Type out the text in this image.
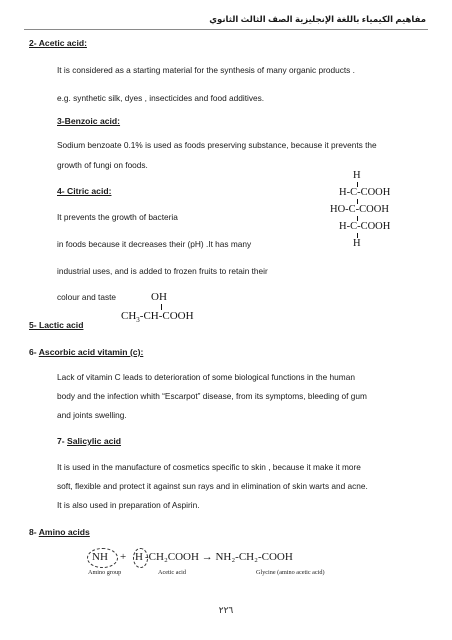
مفاهيم الكيمياء باللغة الإنجليزية الصف الثالث الثانوي
2- Acetic acid:
It is considered as a starting material for the synthesis of many organic products .
e.g. synthetic silk, dyes , insecticides and food additives.
3-Benzoic acid:
Sodium benzoate 0.1% is used as foods preserving substance, because it prevents the
growth of fungi on foods.
4- Citric acid:
It prevents the growth of bacteria
in foods because it decreases their (pH) .It has many
industrial uses, and is added to frozen fruits to retain their
colour and taste
H
H-C-COOH
HO-C-COOH
H-C-COOH
H
5- Lactic acid
OH
$CH_3-CH$-COOH
6- Ascorbic acid vitamin (c):
Lack of vitamin C leads to deterioration of some biological functions in the human
body and the infection whith “Escarpot” disease, from its symptoms, bleeding of gum
and joints swelling.
7- Salicylic acid
It is used in the manufacture of cosmetics specific to skin , because it make it more
soft, flexible and protect it against sun rays and in elimination of skin warts and acne.
It is also used in preparation of Aspirin.
8- Amino acids
NH + H -CH₂COOH → NH₂-CH₂-COOH
Amino group	Acetic acid	Glycine (amino acetic acid)
٢٢٦
